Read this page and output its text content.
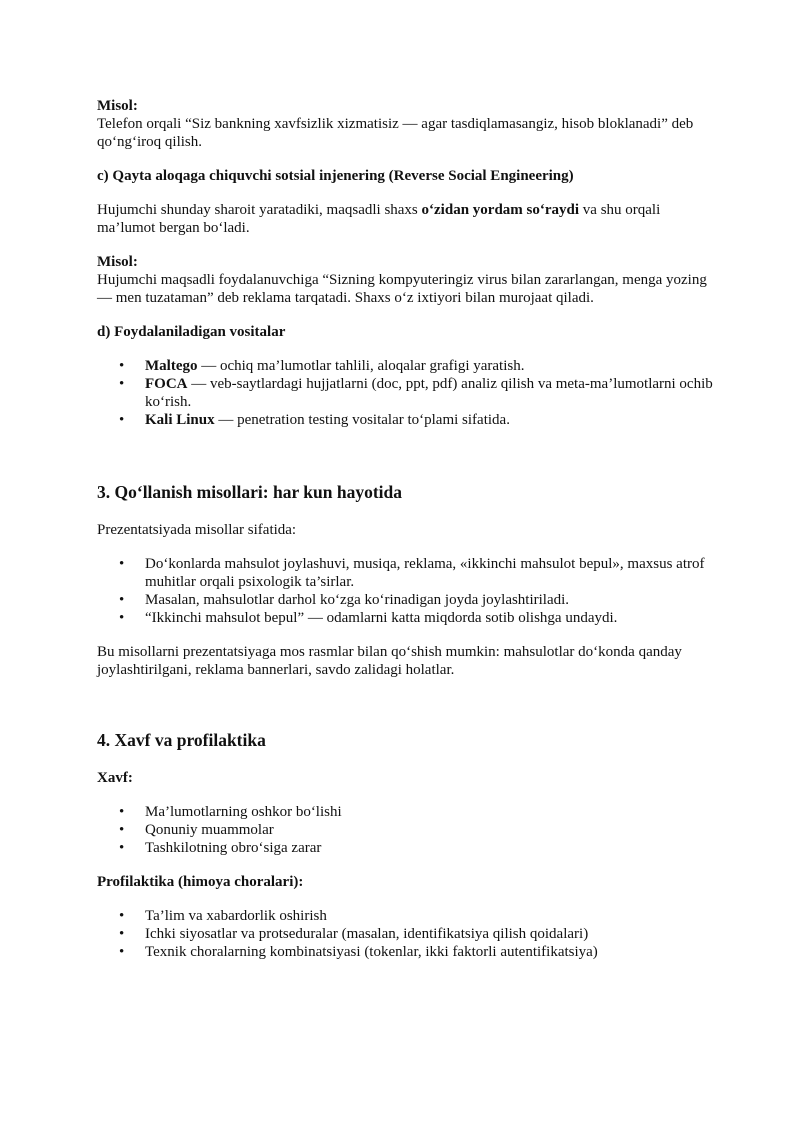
Misol:

Telefon orqali “Siz bankning xavfsizlik xizmatisiz — agar tasdiqlamasangiz, hisob bloklanadi” deb qo‘ng‘iroq qilish.

c) Qayta aloqaga chiquvchi sotsial injenering (Reverse Social Engineering)

Hujumchi shunday sharoit yaratadiki, maqsadli shaxs o‘zidan yordam so‘raydi va shu orqali ma’lumot bergan bo‘ladi.

Misol:

Hujumchi maqsadli foydalanuvchiga “Sizning kompyuteringiz virus bilan zararlangan, menga yozing — men tuzataman” deb reklama tarqatadi. Shaxs o‘z ixtiyori bilan murojaat qiladi.

d) Foydalaniladigan vositalar

• Maltego — ochiq ma’lumotlar tahlili, aloqalar grafigi yaratish.
• FOCA — veb-saytlardagi hujjatlarni (doc, ppt, pdf) analiz qilish va meta-ma’lumotlarni ochib ko‘rish.
• Kali Linux — penetration testing vositalar to‘plami sifatida.

3. Qo‘llanish misollari: har kun hayotida

Prezentatsiyada misollar sifatida:

• Do‘konlarda mahsulot joylashuvi, musiqa, reklama, «ikkinchi mahsulot bepul», maxsus atrof muhitlar orqali psixologik ta’sirlar.
• Masalan, mahsulotlar darhol ko‘zga ko‘rinadigan joyda joylashtiriladi.
• “Ikkinchi mahsulot bepul” — odamlarni katta miqdorda sotib olishga undaydi.

Bu misollarni prezentatsiyaga mos rasmlar bilan qo‘shish mumkin: mahsulotlar do‘konda qanday joylashtirilgani, reklama bannerlari, savdo zalidagi holatlar.

4. Xavf va profilaktika

Xavf:

• Ma’lumotlarning oshkor bo‘lishi
• Qonuniy muammolar
• Tashkilotning obro‘siga zarar

Profilaktika (himoya choralari):

• Ta’lim va xabardorlik oshirish
• Ichki siyosatlar va protseduralar (masalan, identifikatsiya qilish qoidalari)
• Texnik choralarning kombinatsiyasi (tokenlar, ikki faktorli autentifikatsiya)
